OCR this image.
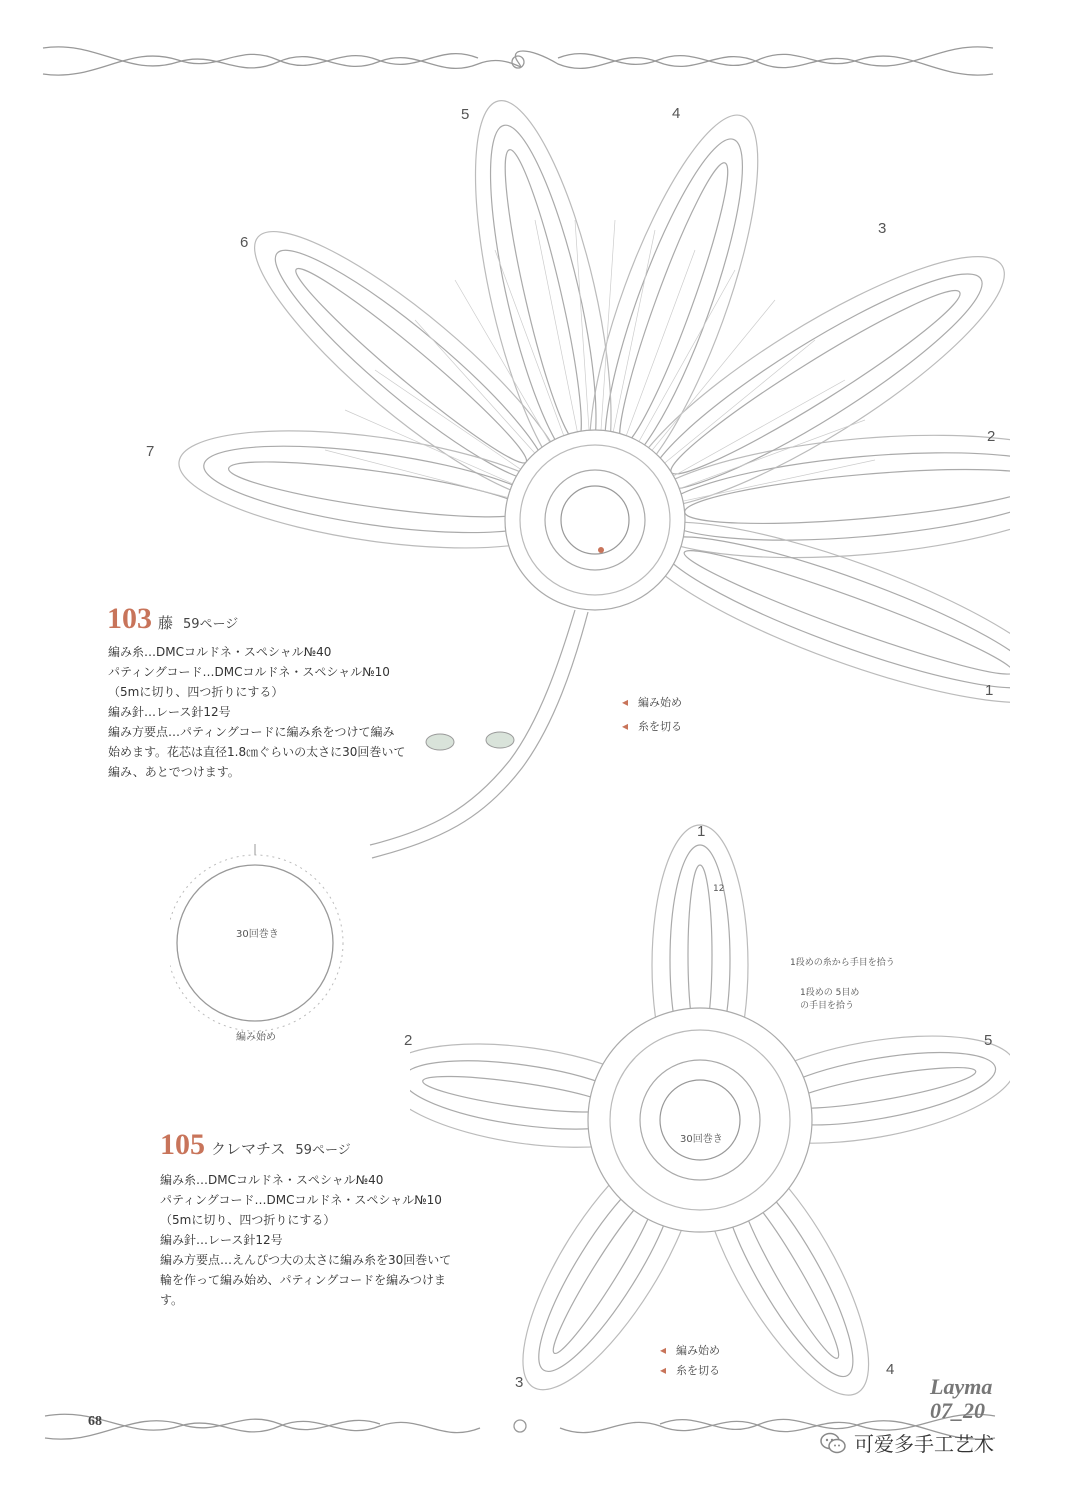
1
2
3
4
5
6
7
103 藤 59ページ
編み糸…DMCコルドネ・スペシャル№40
パティングコード…DMCコルドネ・スペシャル№10
（5mに切り、四つ折りにする）
編み針…レース針12号
編み方要点…パティングコードに編み糸をつけて編み
始めます。花芯は直径1.8㎝ぐらいの太さに30回巻いて
編み、あとでつけます。
◂ 編み始め
◂ 糸を切る
30回巻き
編み始め
1
2
3
4
5
12
30回巻き
1段めの糸から手目を拾う
1段めの 5目めの手目を拾う
105 クレマチス 59ページ
編み糸…DMCコルドネ・スペシャル№40
パティングコード…DMCコルドネ・スペシャル№10
（5mに切り、四つ折りにする）
編み針…レース針12号
編み方要点…えんぴつ大の太さに編み糸を30回巻いて
輪を作って編み始め、パティングコードを編みつけま
す。
◂ 編み始め
◂ 糸を切る
68
Layma
07_20
可爱多手工艺术
